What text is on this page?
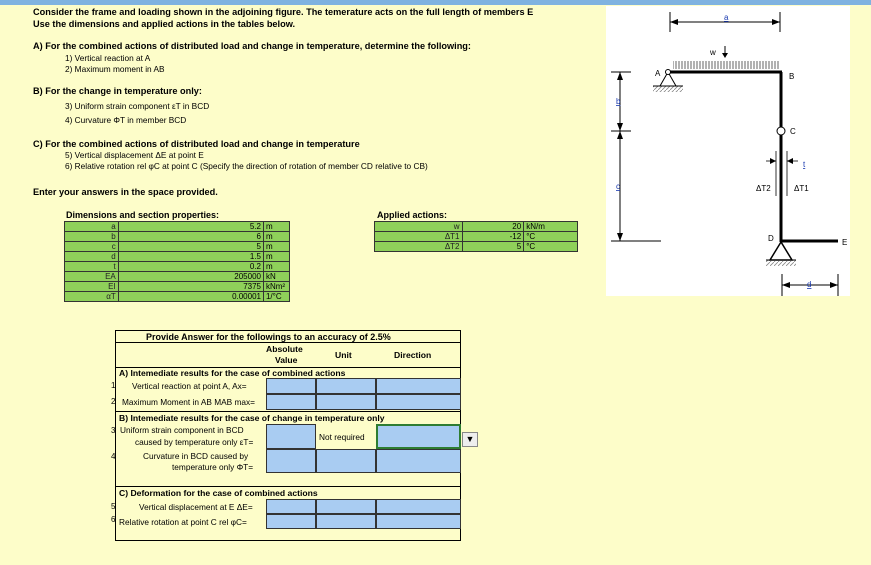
Consider the frame and loading shown in the adjoining figure. The temerature acts on the full length of members E
Use the dimensions and applied actions in the tables below.
A) For the combined actions of distributed load and change in temperature, determine the following:
1) Vertical reaction at A
2) Maximum moment in AB
B) For the change in temperature only:
3) Uniform strain component εT in BCD
4) Curvature ΦT in member BCD
C) For the combined actions of distributed load and change in temperature
5) Vertical displacement ΔE at point E
6) Relative rotation rel φC at point C (Specify the direction of rotation of member CD relative to CB)
Enter your answers in the space provided.
Dimensions and section properties:
a	5.2	m
b	6	m
c	5	m
d	1.5	m
t	0.2	m
EA	205000	kN
EI	7375	kNm²
αT	0.00001	1/°C
Applied actions:
w	20	kN/m
ΔT1	-12	°C
ΔT2	5	°C
Provide Answer for the followings to an accuracy of 2.5%
Absolute
Value	Unit	Direction
A) Intemediate results for the case of combined actions
1 Vertical reaction at point A, Ax=
2 Maximum Moment in AB MAB max=
B) Intemediate results for the case of change in temperature only
3 Uniform strain component in BCD
caused by temperature only εT=	Not required
4	Curvature in BCD caused by
temperature only ΦT=
C) Deformation for the case of combined actions
5	Vertical displacement at E ΔE=
6 Relative rotation at point C rel φC=
▼
a
w
A	B
C
D	E
b
c
t
ΔT2	ΔT1
d
